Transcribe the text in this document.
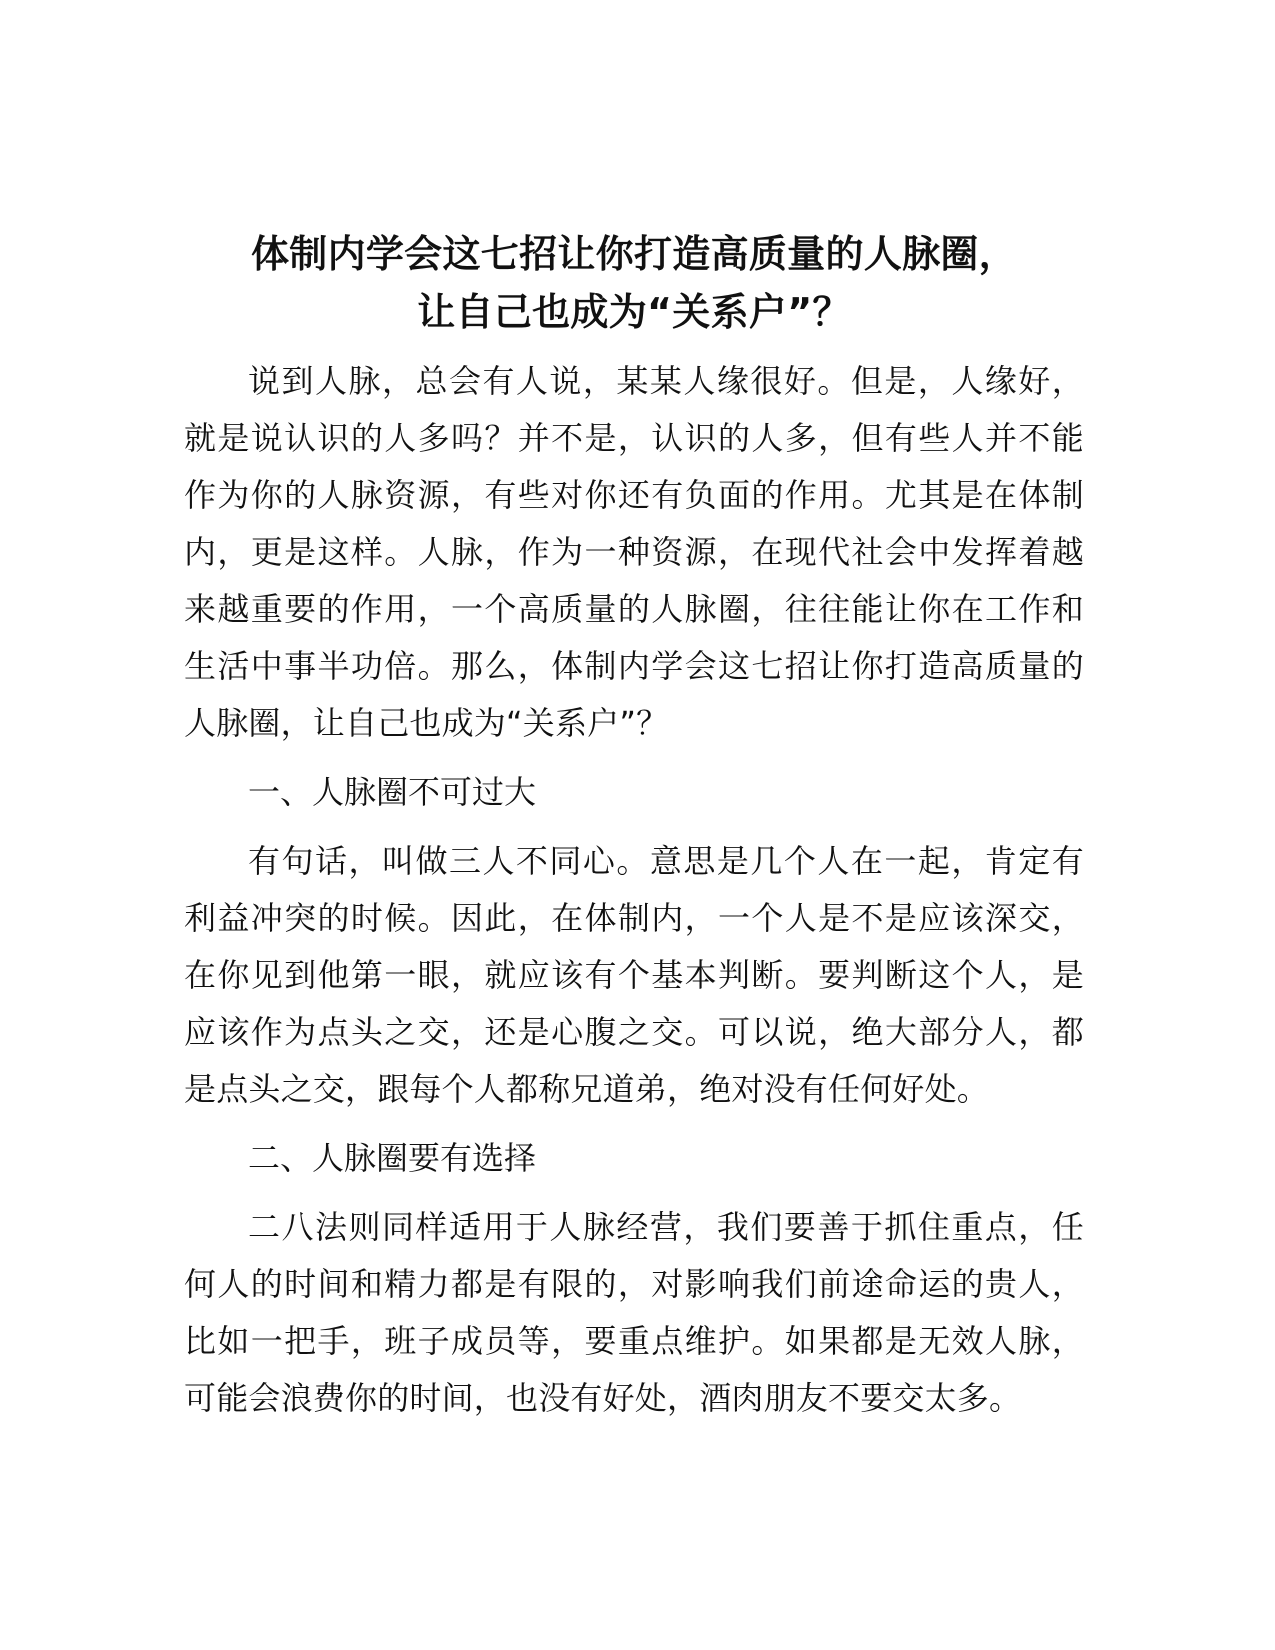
体制内学会这七招让你打造高质量的人脉圈，
让自己也成为“关系户”？

说到人脉，总会有人说，某某人缘很好。但是，人缘好，就是说认识的人多吗？并不是，认识的人多，但有些人并不能作为你的人脉资源，有些对你还有负面的作用。尤其是在体制内，更是这样。人脉，作为一种资源，在现代社会中发挥着越来越重要的作用，一个高质量的人脉圈，往往能让你在工作和生活中事半功倍。那么，体制内学会这七招让你打造高质量的人脉圈，让自己也成为“关系户”？

一、人脉圈不可过大

有句话，叫做三人不同心。意思是几个人在一起，肯定有利益冲突的时候。因此，在体制内，一个人是不是应该深交，在你见到他第一眼，就应该有个基本判断。要判断这个人，是应该作为点头之交，还是心腹之交。可以说，绝大部分人，都是点头之交，跟每个人都称兄道弟，绝对没有任何好处。

二、人脉圈要有选择

二八法则同样适用于人脉经营，我们要善于抓住重点，任何人的时间和精力都是有限的，对影响我们前途命运的贵人，比如一把手，班子成员等，要重点维护。如果都是无效人脉，可能会浪费你的时间，也没有好处，酒肉朋友不要交太多。
